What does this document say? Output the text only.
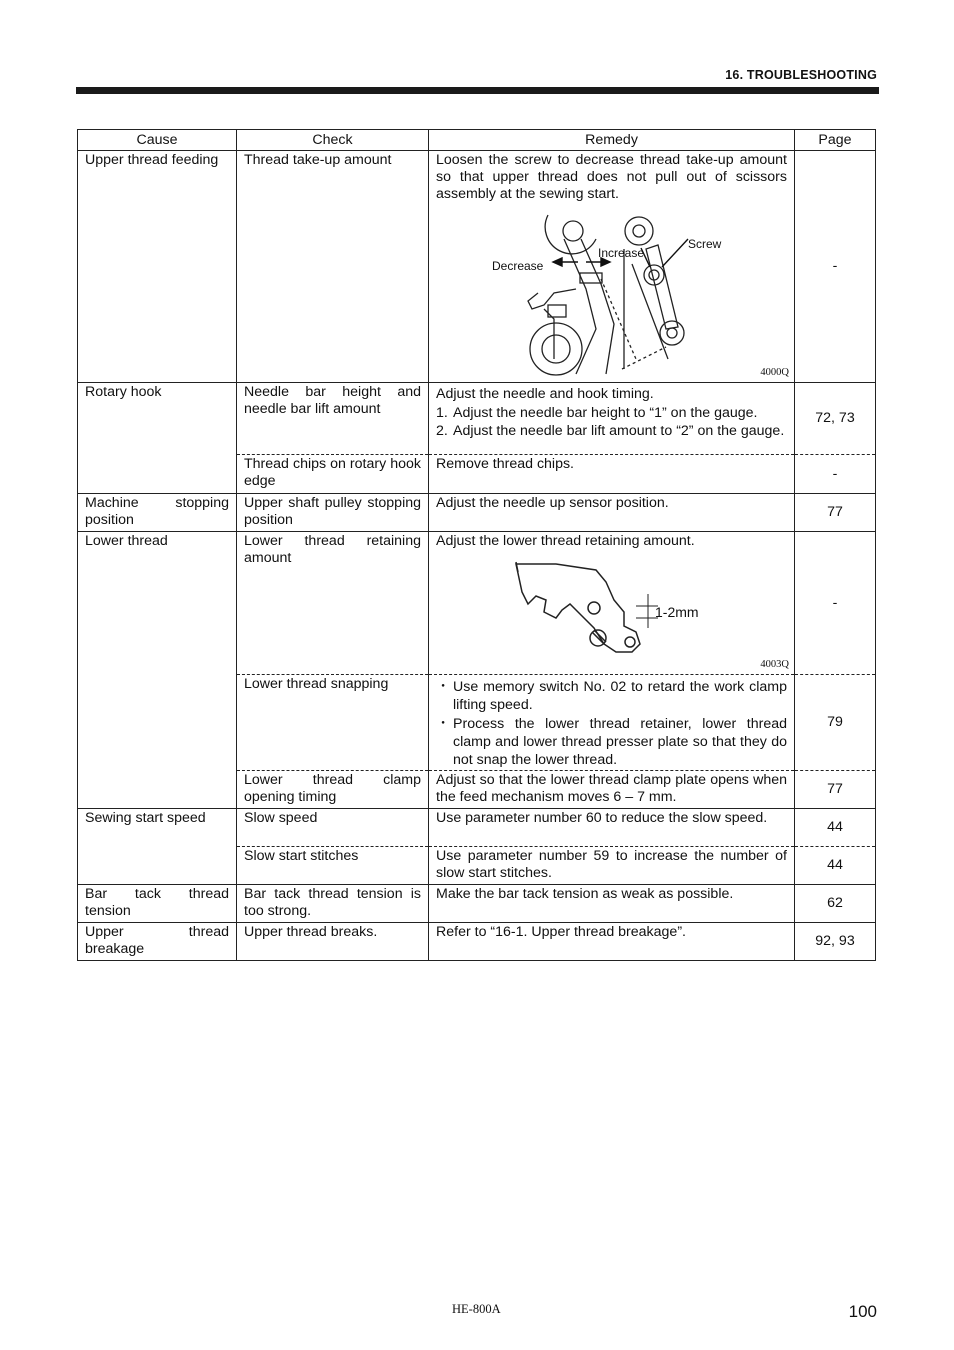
16. TROUBLESHOOTING
Cause	Check	Remedy	Page
Upper thread feeding	Thread take-up amount	Loosen the screw to decrease thread take-up amount so that upper thread does not pull out of scissors assembly at the sewing start.
Decrease
Increase
Screw
4000Q	-
Rotary hook	Needle bar height and needle bar lift amount	Adjust the needle and hook timing.
1. Adjust the needle bar height to “1” on the gauge.
2. Adjust the needle bar lift amount to “2” on the gauge.	72, 73

	Thread chips on rotary hook edge	Remove thread chips.	-

Machine stopping position	Upper shaft pulley stopping position	Adjust the needle up sensor position.	77
Lower thread	Lower thread retaining amount	Adjust the lower thread retaining amount.
1-2mm
4003Q	-
	Lower thread snapping	・ Use memory switch No. 02 to retard the work clamp lifting speed.
・ Process the lower thread retainer, lower thread clamp and lower thread presser plate so that they do not snap the lower thread.	79

	Lower thread clamp opening timing	Adjust so that the lower thread clamp plate opens when the feed mechanism moves 6 – 7 mm.	77
Sewing start speed	Slow speed	Use parameter number 60 to reduce the slow speed.	44
	Slow start stitches	Use parameter number 59 to increase the number of slow start stitches.	44

Bar tack thread tension	Bar tack thread tension is too strong.	Make the bar tack tension as weak as possible.	62

Upper thread breakage	Upper thread breaks.	Refer to “16-1. Upper thread breakage”.	92, 93
HE-800A	100
